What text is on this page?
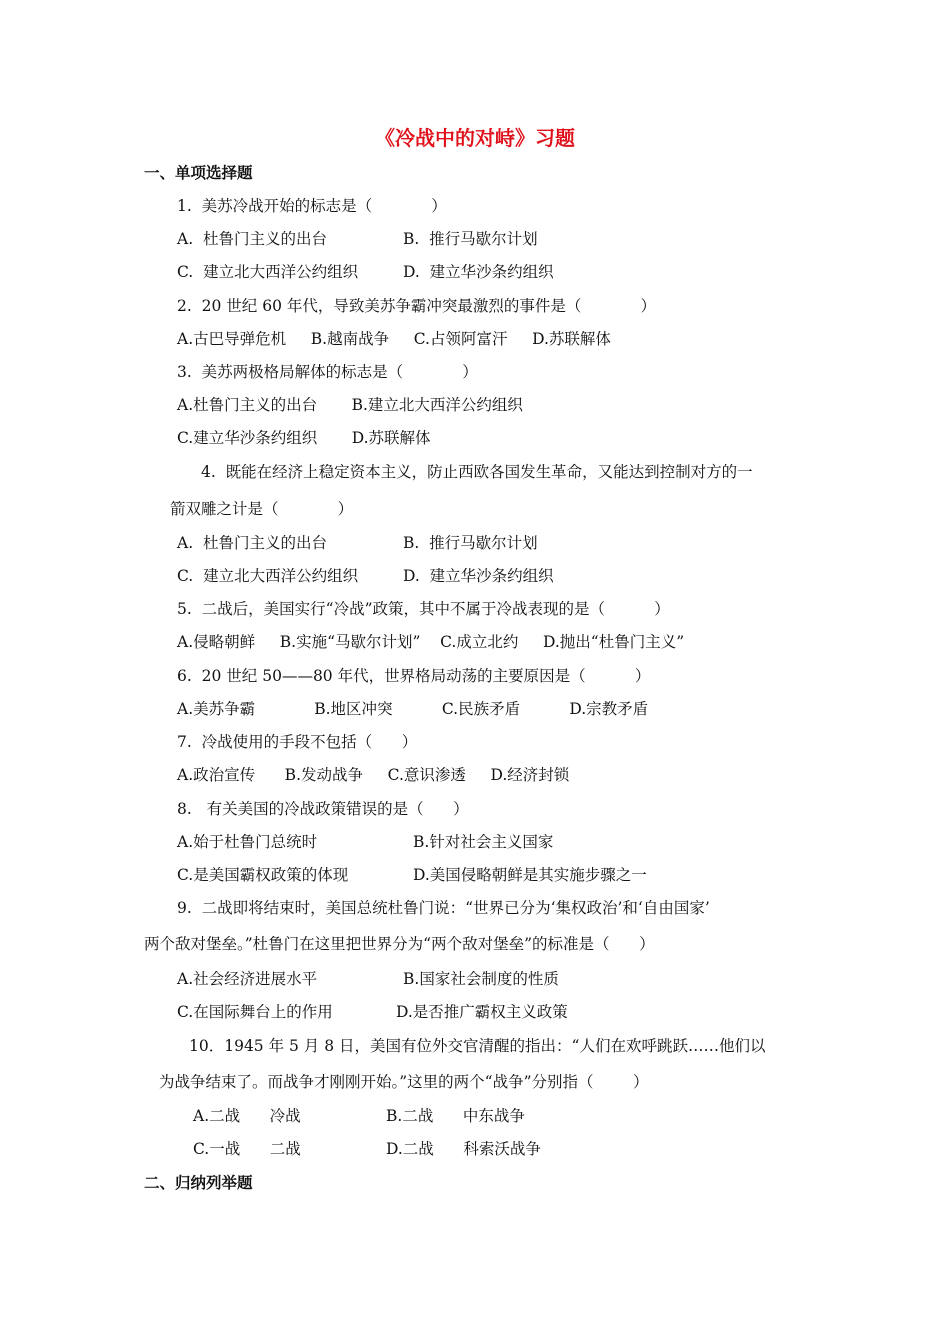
《冷战中的对峙》习题
一、单项选择题
1.  美苏冷战开始的标志是（            ）
A.  杜鲁门主义的出台	B.  推行马歇尔计划
C.  建立北大西洋公约组织	D.  建立华沙条约组织
2.  20 世纪 60 年代，导致美苏争霸冲突最激烈的事件是（            ）
A.古巴导弹危机     B.越南战争     C.占领阿富汗     D.苏联解体
3.  美苏两极格局解体的标志是（            ）
A.杜鲁门主义的出台       B.建立北大西洋公约组织
C.建立华沙条约组织       D.苏联解体
4.  既能在经济上稳定资本主义，防止西欧各国发生革命，又能达到控制对方的一
箭双雕之计是（            ）
A.  杜鲁门主义的出台	B.  推行马歇尔计划
C.  建立北大西洋公约组织	D.  建立华沙条约组织
5.  二战后，美国实行“冷战”政策，其中不属于冷战表现的是（          ）
A.侵略朝鲜     B.实施“马歇尔计划”    C.成立北约     D.抛出“杜鲁门主义”
6.  20 世纪 50——80 年代，世界格局动荡的主要原因是（          ）
A.美苏争霸            B.地区冲突          C.民族矛盾          D.宗教矛盾
7.  冷战使用的手段不包括（      ）
A.政治宣传      B.发动战争     C.意识渗透     D.经济封锁
8.   有关美国的冷战政策错误的是（      ）
A.始于杜鲁门总统时	B.针对社会主义国家
C.是美国霸权政策的体现	D.美国侵略朝鲜是其实施步骤之一
9.  二战即将结束时，美国总统杜鲁门说：“世界已分为‘集权政治’和‘自由国家’
两个敌对堡垒。”杜鲁门在这里把世界分为“两个敌对堡垒”的标准是（      ）
A.社会经济进展水平	B.国家社会制度的性质
C.在国际舞台上的作用	D.是否推广霸权主义政策
10．1945 年 5 月 8 日，美国有位外交官清醒的指出：“人们在欢呼跳跃……他们以
为战争结束了。而战争才刚刚开始。”这里的两个“战争”分别指（        ）
A.二战      冷战	B.二战      中东战争
C.一战      二战	D.二战      科索沃战争
二、归纳列举题
